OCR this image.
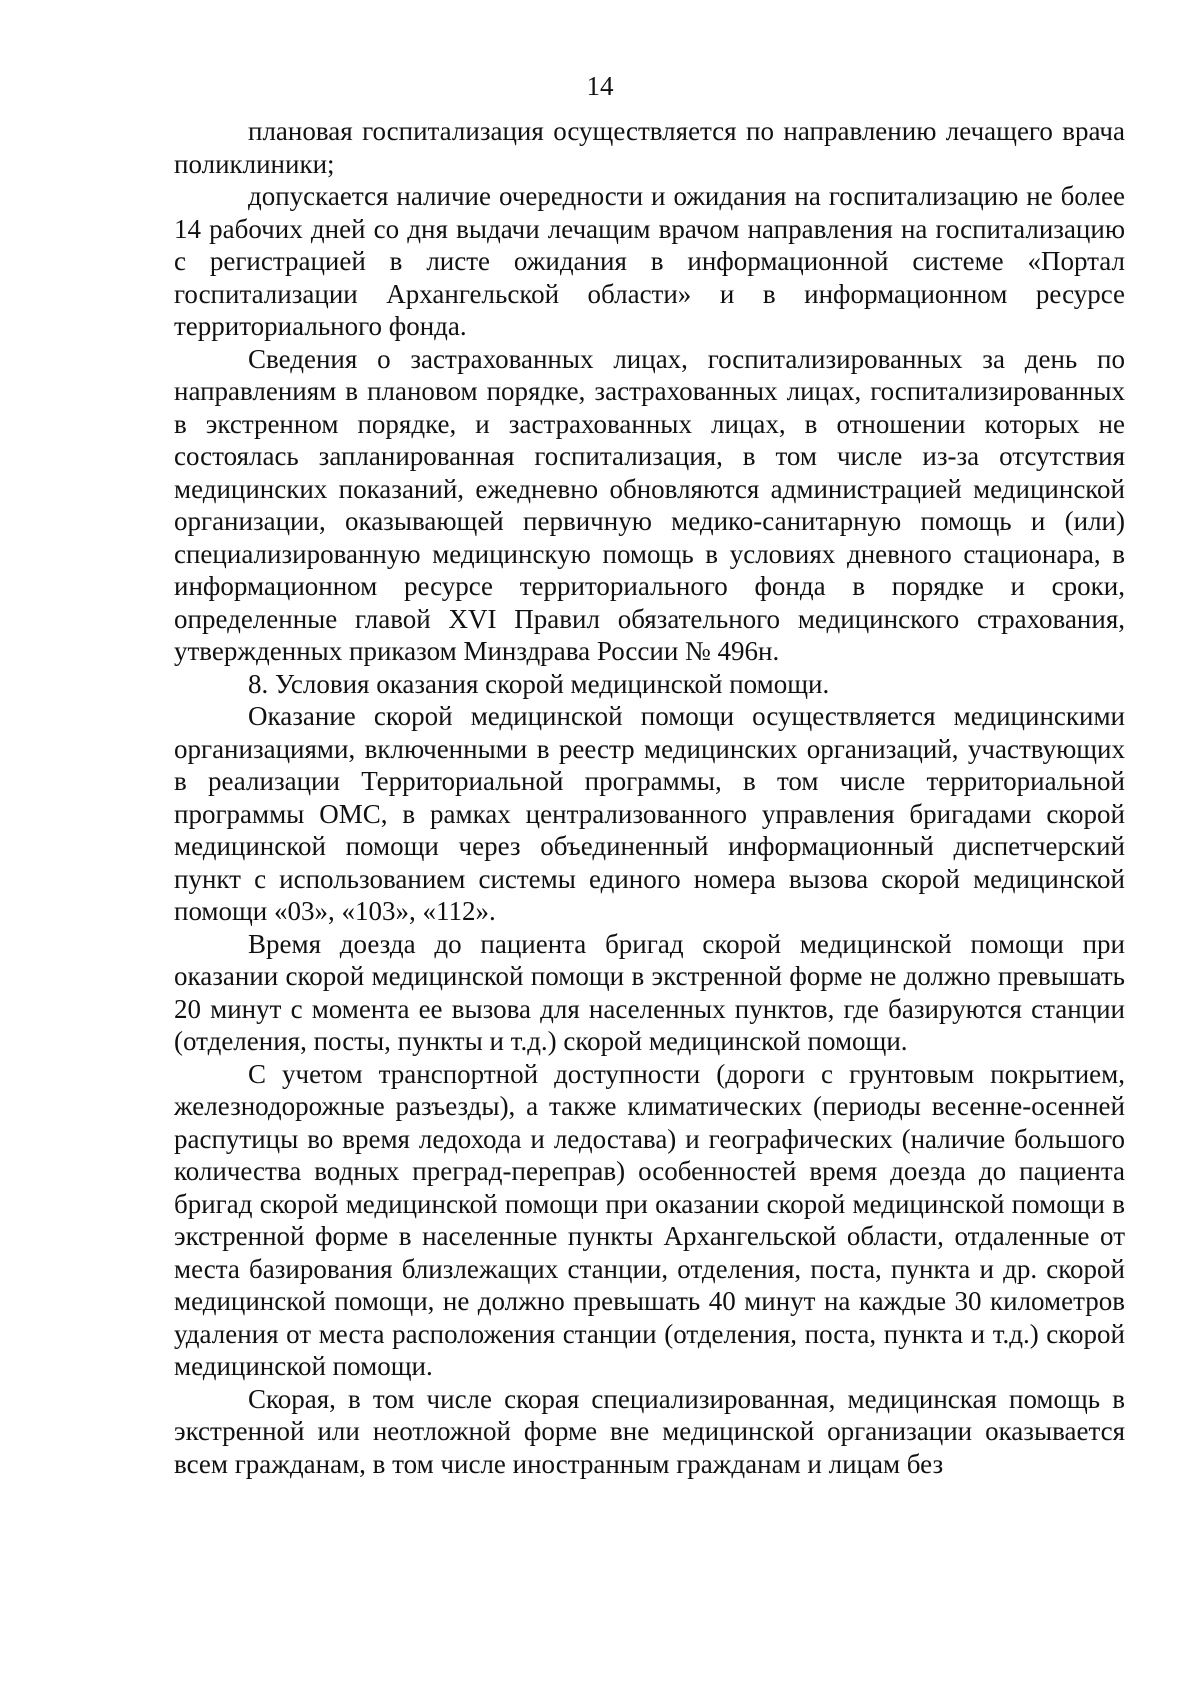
14

плановая госпитализация осуществляется по направлению лечащего врача поликлиники;

допускается наличие очередности и ожидания на госпитализацию не более 14 рабочих дней со дня выдачи лечащим врачом направления на госпитализацию с регистрацией в листе ожидания в информационной системе «Портал госпитализации Архангельской области» и в информационном ресурсе территориального фонда.

Сведения о застрахованных лицах, госпитализированных за день по направлениям в плановом порядке, застрахованных лицах, госпитализированных в экстренном порядке, и застрахованных лицах, в отношении которых не состоялась запланированная госпитализация, в том числе из-за отсутствия медицинских показаний, ежедневно обновляются администрацией медицинской организации, оказывающей первичную медико-санитарную помощь и (или) специализированную медицинскую помощь в условиях дневного стационара, в информационном ресурсе территориального фонда в порядке и сроки, определенные главой XVI Правил обязательного медицинского страхования, утвержденных приказом Минздрава России № 496н.

8. Условия оказания скорой медицинской помощи.

Оказание скорой медицинской помощи осуществляется медицинскими организациями, включенными в реестр медицинских организаций, участвующих в реализации Территориальной программы, в том числе территориальной программы ОМС, в рамках централизованного управления бригадами скорой медицинской помощи через объединенный информационный диспетчерский пункт с использованием системы единого номера вызова скорой медицинской помощи «03», «103», «112».

Время доезда до пациента бригад скорой медицинской помощи при оказании скорой медицинской помощи в экстренной форме не должно превышать 20 минут с момента ее вызова для населенных пунктов, где базируются станции (отделения, посты, пункты и т.д.) скорой медицинской помощи.

С учетом транспортной доступности (дороги с грунтовым покрытием, железнодорожные разъезды), а также климатических (периоды весенне-осенней распутицы во время ледохода и ледостава) и географических (наличие большого количества водных преград-переправ) особенностей время доезда до пациента бригад скорой медицинской помощи при оказании скорой медицинской помощи в экстренной форме в населенные пункты Архангельской области, отдаленные от места базирования близлежащих станции, отделения, поста, пункта и др. скорой медицинской помощи, не должно превышать 40 минут на каждые 30 километров удаления от места расположения станции (отделения, поста, пункта и т.д.) скорой медицинской помощи.

Скорая, в том числе скорая специализированная, медицинская помощь в экстренной или неотложной форме вне медицинской организации оказывается всем гражданам, в том числе иностранным гражданам и лицам без
